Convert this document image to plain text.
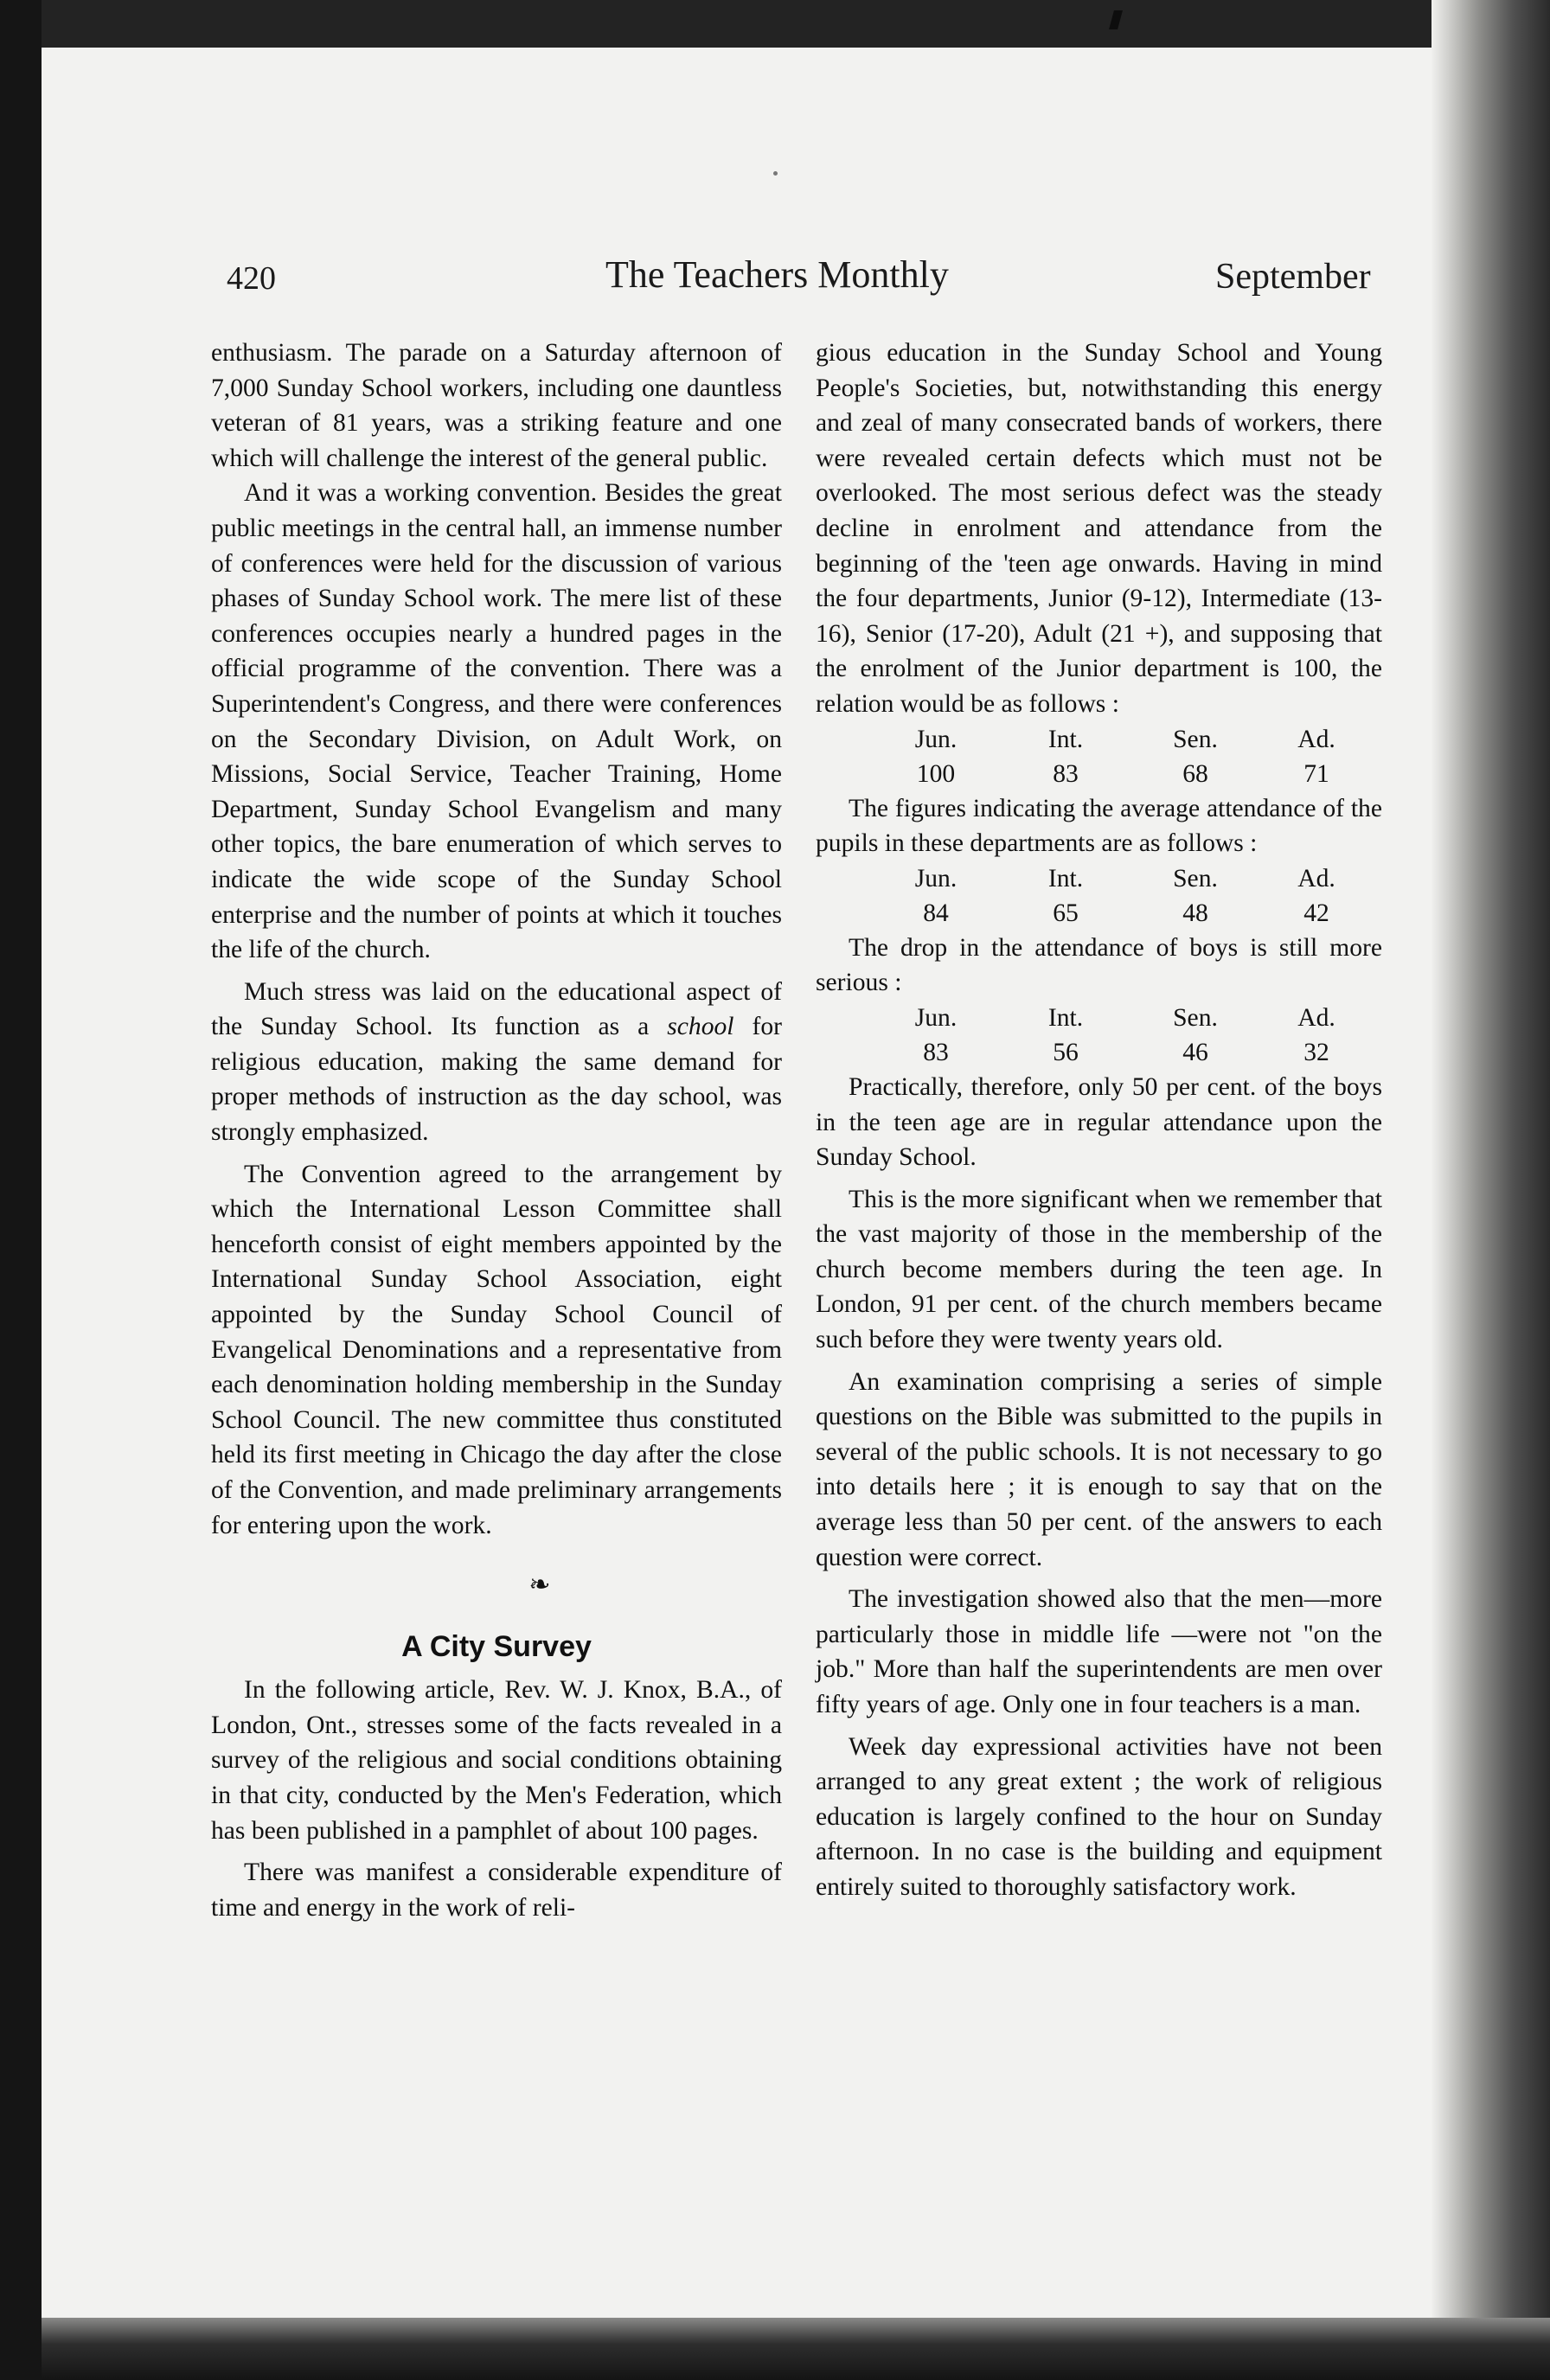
420	The Teachers Monthly	September

enthusiasm. The parade on a Saturday afternoon of 7,000 Sunday School workers, including one dauntless veteran of 81 years, was a striking feature and one which will challenge the interest of the general public.

And it was a working convention. Besides the great public meetings in the central hall, an immense number of conferences were held for the discussion of various phases of Sunday School work. The mere list of these conferences occupies nearly a hundred pages in the official programme of the convention. There was a Superintendent's Congress, and there were conferences on the Secondary Division, on Adult Work, on Missions, Social Service, Teacher Training, Home Department, Sunday School Evangelism and many other topics, the bare enumeration of which serves to indicate the wide scope of the Sunday School enterprise and the number of points at which it touches the life of the church.

Much stress was laid on the educational aspect of the Sunday School. Its function as a school for religious education, making the same demand for proper methods of instruction as the day school, was strongly emphasized.

The Convention agreed to the arrangement by which the International Lesson Committee shall henceforth consist of eight members appointed by the International Sunday School Association, eight appointed by the Sunday School Council of Evangelical Denominations and a representative from each denomination holding membership in the Sunday School Council. The new committee thus constituted held its first meeting in Chicago the day after the close of the Convention, and made preliminary arrangements for entering upon the work.

❧
A City Survey

In the following article, Rev. W. J. Knox, B.A., of London, Ont., stresses some of the facts revealed in a survey of the religious and social conditions obtaining in that city, conducted by the Men's Federation, which has been published in a pamphlet of about 100 pages.

There was manifest a considerable expenditure of time and energy in the work of reli-

gious education in the Sunday School and Young People's Societies, but, notwithstanding this energy and zeal of many consecrated bands of workers, there were revealed certain defects which must not be overlooked. The most serious defect was the steady decline in enrolment and attendance from the beginning of the 'teen age onwards. Having in mind the four departments, Junior (9-12), Intermediate (13-16), Senior (17-20), Adult (21 +), and supposing that the enrolment of the Junior department is 100, the relation would be as follows :

Jun.	Int.	Sen.	Ad.
100	83	68	71

The figures indicating the average attendance of the pupils in these departments are as follows :

Jun.	Int.	Sen.	Ad.
84	65	48	42

The drop in the attendance of boys is still more serious :

Jun.	Int.	Sen.	Ad.
83	56	46	32

Practically, therefore, only 50 per cent. of the boys in the teen age are in regular attendance upon the Sunday School.

This is the more significant when we remember that the vast majority of those in the membership of the church become members during the teen age. In London, 91 per cent. of the church members became such before they were twenty years old.

An examination comprising a series of simple questions on the Bible was submitted to the pupils in several of the public schools. It is not necessary to go into details here ; it is enough to say that on the average less than 50 per cent. of the answers to each question were correct.

The investigation showed also that the men—more particularly those in middle life —were not "on the job." More than half the superintendents are men over fifty years of age. Only one in four teachers is a man.

Week day expressional activities have not been arranged to any great extent ; the work of religious education is largely confined to the hour on Sunday afternoon. In no case is the building and equipment entirely suited to thoroughly satisfactory work.
